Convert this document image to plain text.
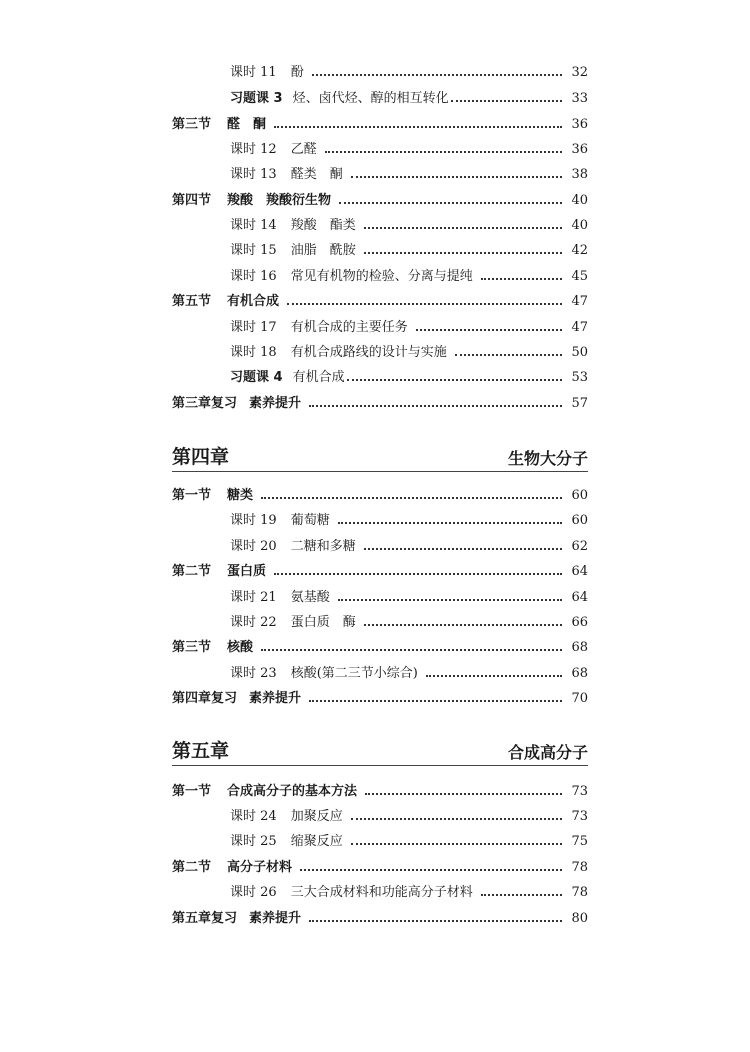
课时 11 酚	32
习题课 3 烃、卤代烃、醇的相互转化	33
第三节 醛　酮	36
课时 12 乙醛	36
课时 13 醛类　酮	38
第四节 羧酸　羧酸衍生物	40
课时 14 羧酸　酯类	40
课时 15 油脂　酰胺	42
课时 16 常见有机物的检验、分离与提纯	45
第五节 有机合成	47
课时 17 有机合成的主要任务	47
课时 18 有机合成路线的设计与实施	50
习题课 4 有机合成	53
第三章复习 素养提升	57
第四章	生物大分子
第一节 糖类	60
课时 19 葡萄糖	60
课时 20 二糖和多糖	62
第二节 蛋白质	64
课时 21 氨基酸	64
课时 22 蛋白质　酶	66
第三节 核酸	68
课时 23 核酸(第二三节小综合)	68
第四章复习 素养提升	70
第五章	合成高分子
第一节 合成高分子的基本方法	73
课时 24 加聚反应	73
课时 25 缩聚反应	75
第二节 高分子材料	78
课时 26 三大合成材料和功能高分子材料	78
第五章复习 素养提升	80
